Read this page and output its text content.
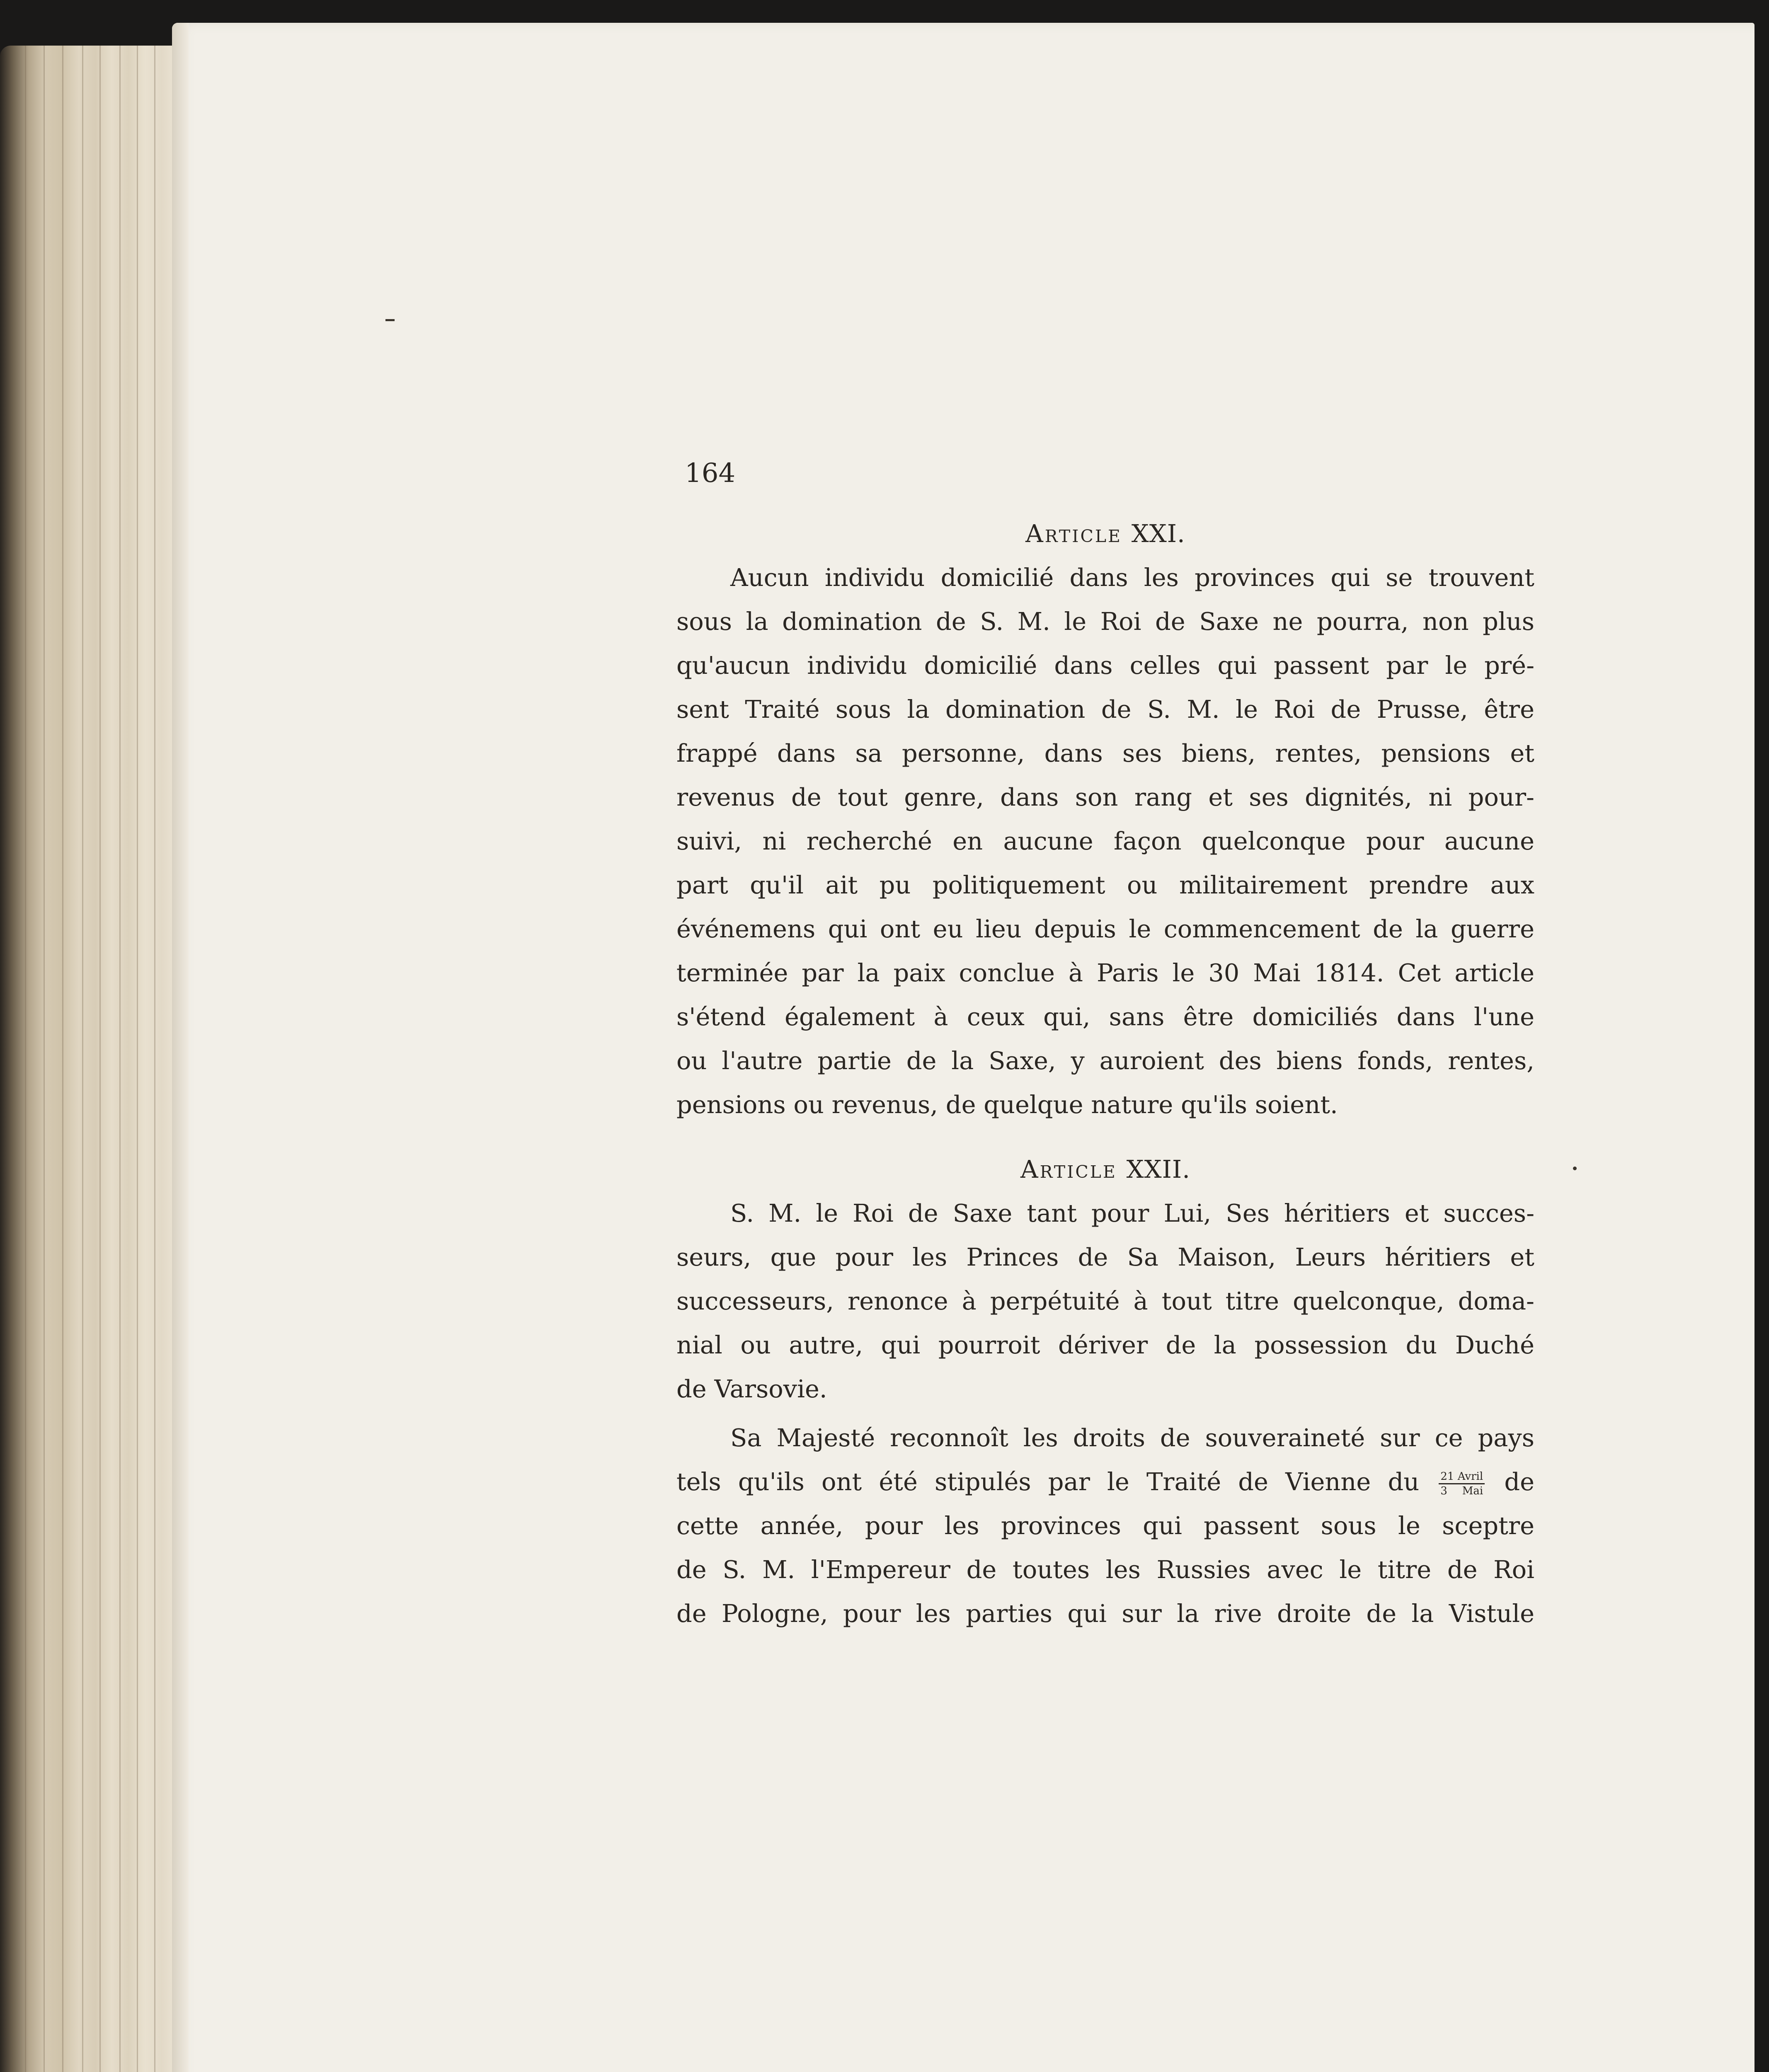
164

Article XXI.
Aucun individu domicilié dans les provinces qui se trouvent
sous la domination de S. M. le Roi de Saxe ne pourra, non plus
qu'aucun individu domicilié dans celles qui passent par le pré-
sent Traité sous la domination de S. M. le Roi de Prusse, être
frappé dans sa personne, dans ses biens, rentes, pensions et
revenus de tout genre, dans son rang et ses dignités, ni pour-
suivi, ni recherché en aucune façon quelconque pour aucune
part qu'il ait pu politiquement ou militairement prendre aux
événemens qui ont eu lieu depuis le commencement de la guerre
terminée par la paix conclue à Paris le 30 Mai 1814. Cet article
s'étend également à ceux qui, sans être domiciliés dans l'une
ou l'autre partie de la Saxe, y auroient des biens fonds, rentes,
pensions ou revenus, de quelque nature qu'ils soient.
Article XXII.
S. M. le Roi de Saxe tant pour Lui, Ses héritiers et succes-
seurs, que pour les Princes de Sa Maison, Leurs héritiers et
successeurs, renonce à perpétuité à tout titre quelconque, doma-
nial ou autre, qui pourroit dériver de la possession du Duché
de Varsovie.
Sa Majesté reconnoît les droits de souveraineté sur ce pays
tels qu'ils ont été stipulés par le Traité de Vienne du $\frac{\text{21 Avril}}{\text{3 Mai}}$ de
cette année, pour les provinces qui passent sous le sceptre
de S. M. l'Empereur de toutes les Russies avec le titre de Roi
de Pologne, pour les parties qui sur la rive droite de la Vistule
